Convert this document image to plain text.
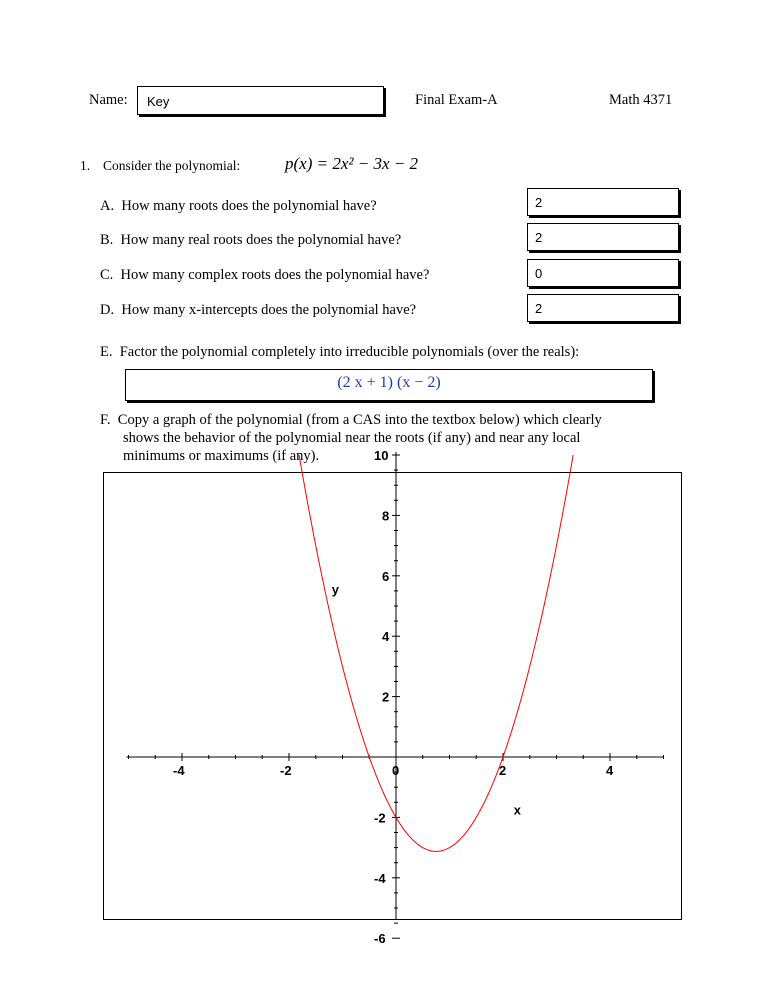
Name: Key	Final Exam-A	Math 4371
1. Consider the polynomial:	p(x) = 2x² − 3x − 2
A. How many roots does the polynomial have?	2
B. How many real roots does the polynomial have?	2
C. How many complex roots does the polynomial have?	0
D. How many x-intercepts does the polynomial have?	2
E. Factor the polynomial completely into irreducible polynomials (over the reals):
(2 x + 1) (x − 2)
F. Copy a graph of the polynomial (from a CAS into the textbox below) which clearly
shows the behavior of the polynomial near the roots (if any) and near any local
minimums or maximums (if any).
-4	-2	0	2	4
10
8
6
4
2
-2
-4
-6
x
y
